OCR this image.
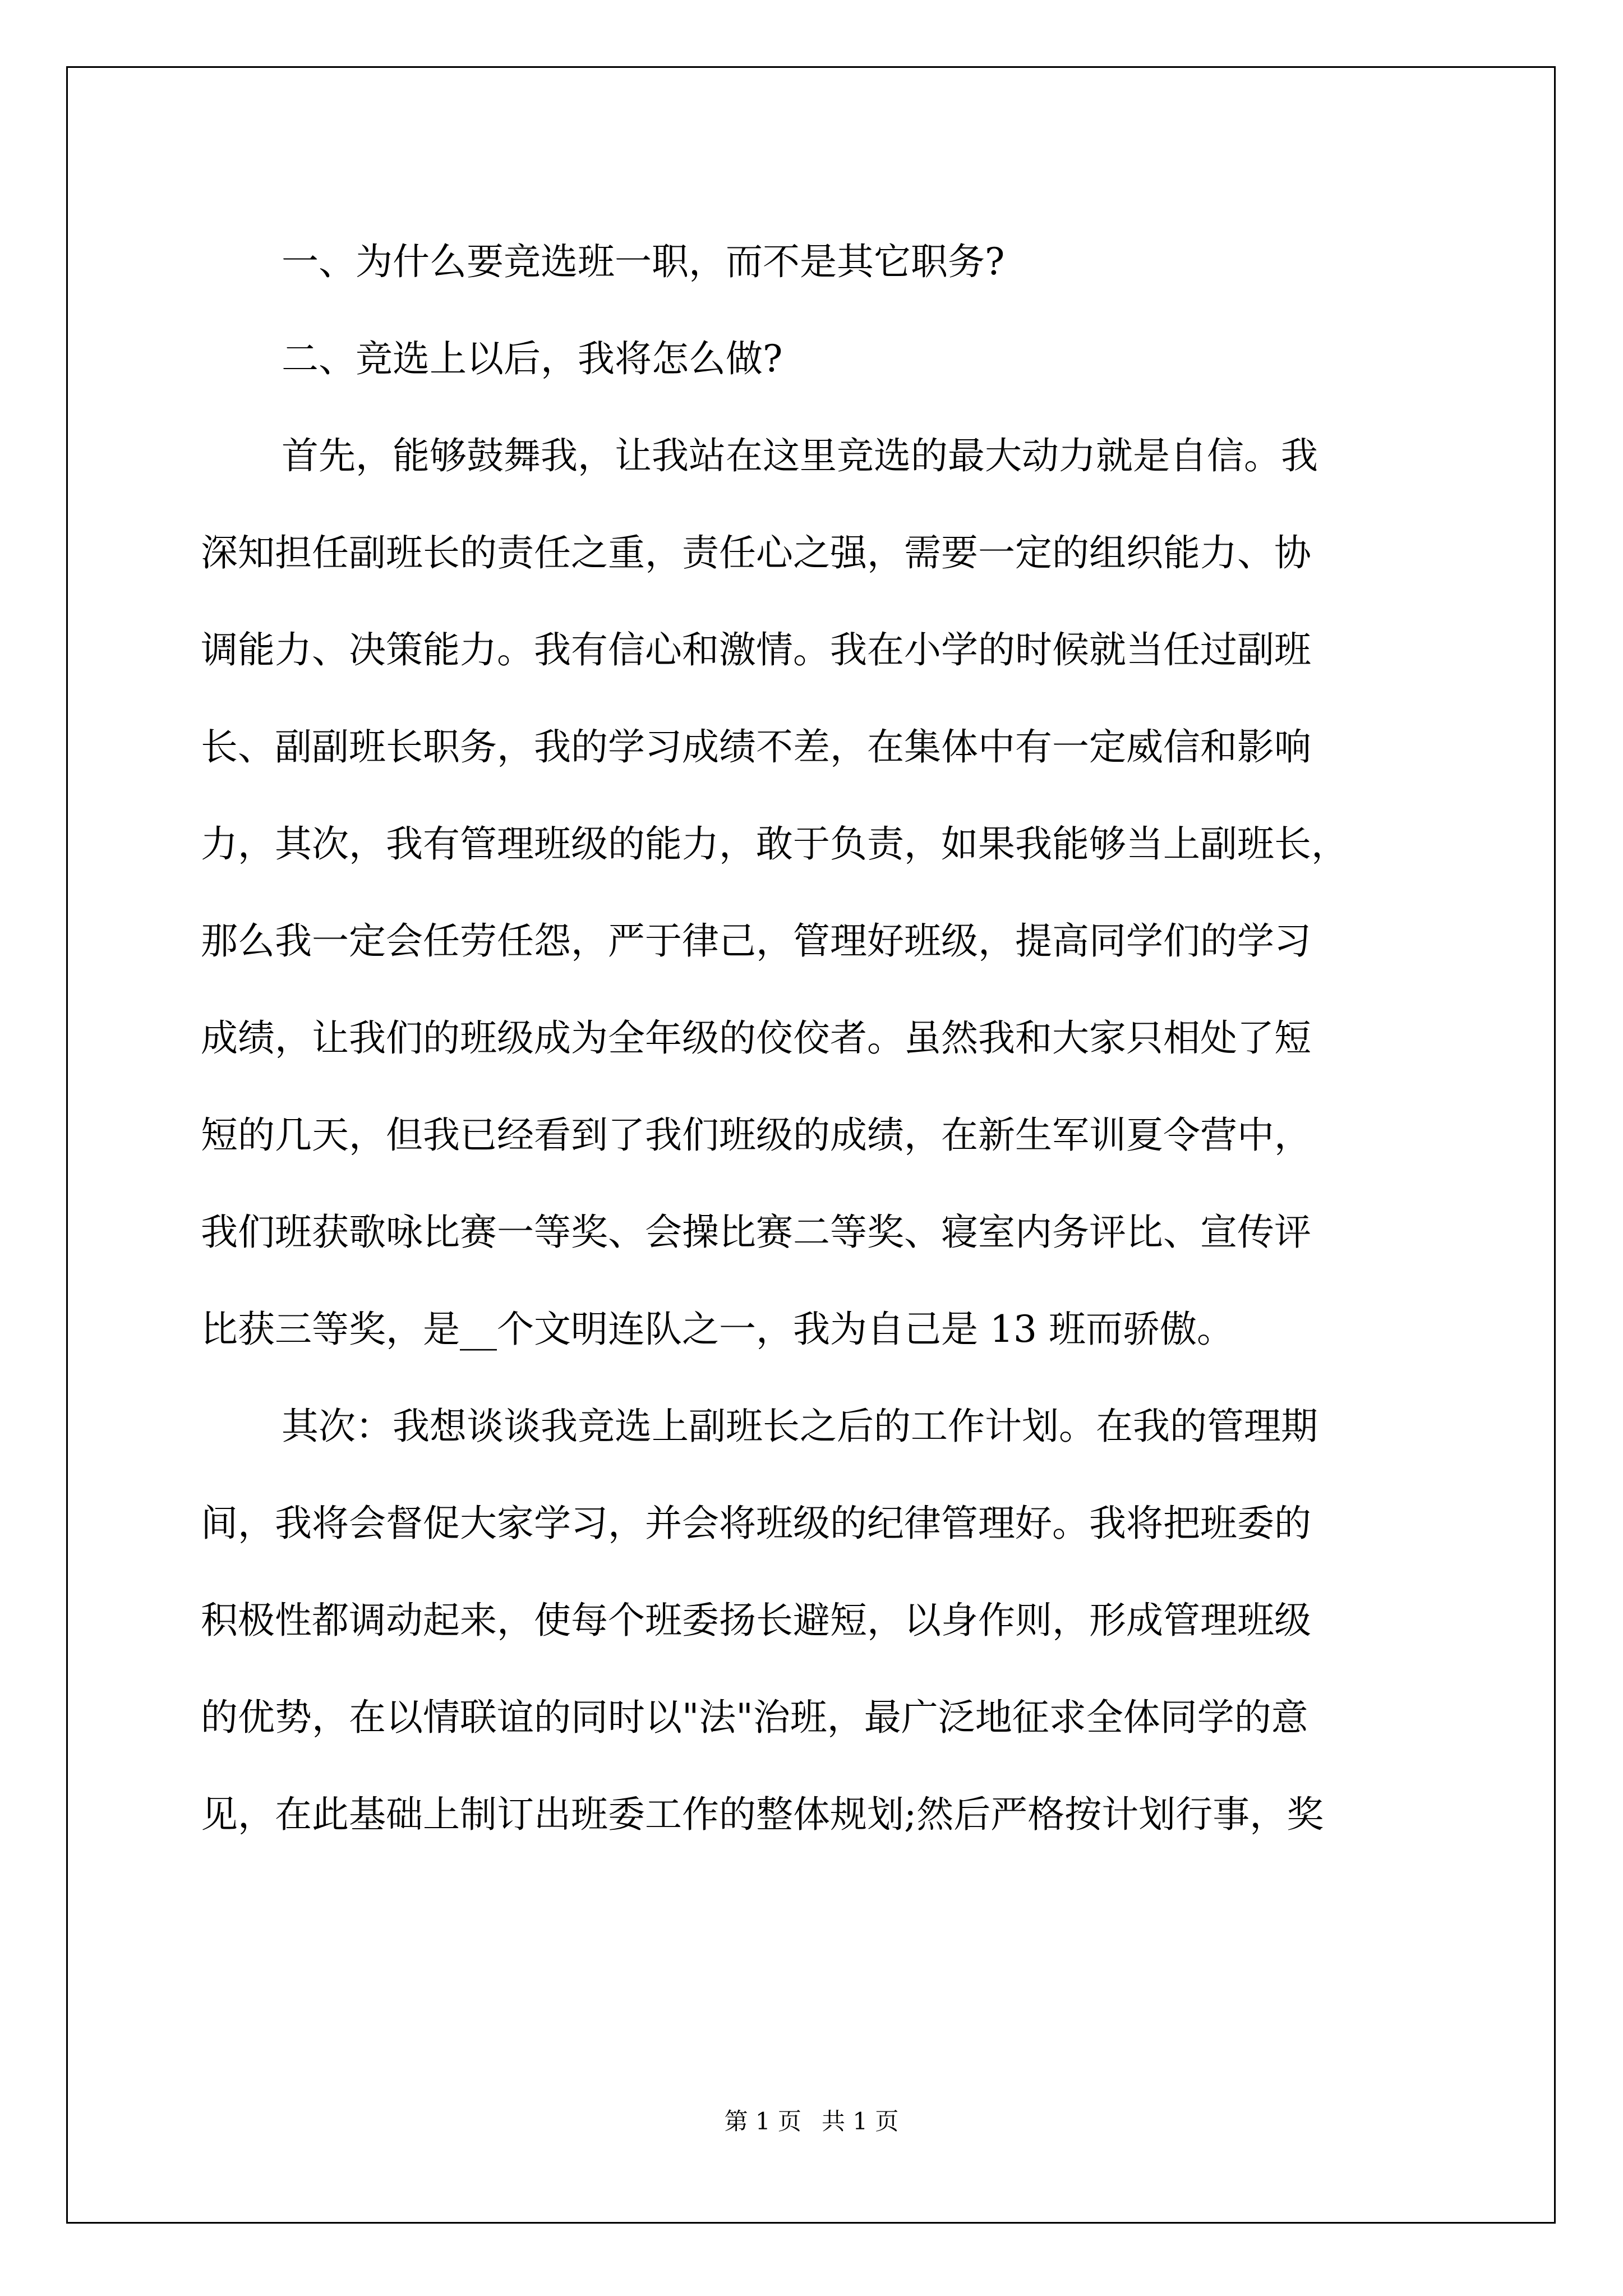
一、为什么要竞选班一职，而不是其它职务?
二、竞选上以后，我将怎么做?
首先，能够鼓舞我，让我站在这里竞选的最大动力就是自信。我
深知担任副班长的责任之重，责任心之强，需要一定的组织能力、协
调能力、决策能力。我有信心和激情。我在小学的时候就当任过副班
长、副副班长职务，我的学习成绩不差，在集体中有一定威信和影响
力，其次，我有管理班级的能力，敢于负责，如果我能够当上副班长，
那么我一定会任劳任怨，严于律己，管理好班级，提高同学们的学习
成绩，让我们的班级成为全年级的佼佼者。虽然我和大家只相处了短
短的几天，但我已经看到了我们班级的成绩，在新生军训夏令营中，
我们班获歌咏比赛一等奖、会操比赛二等奖、寝室内务评比、宣传评
比获三等奖，是__个文明连队之一，我为自己是 13 班而骄傲。
其次：我想谈谈我竞选上副班长之后的工作计划。在我的管理期
间，我将会督促大家学习，并会将班级的纪律管理好。我将把班委的
积极性都调动起来，使每个班委扬长避短，以身作则，形成管理班级
的优势，在以情联谊的同时以"法"治班，最广泛地征求全体同学的意
见，在此基础上制订出班委工作的整体规划;然后严格按计划行事，奖
第 1 页 共 1 页
